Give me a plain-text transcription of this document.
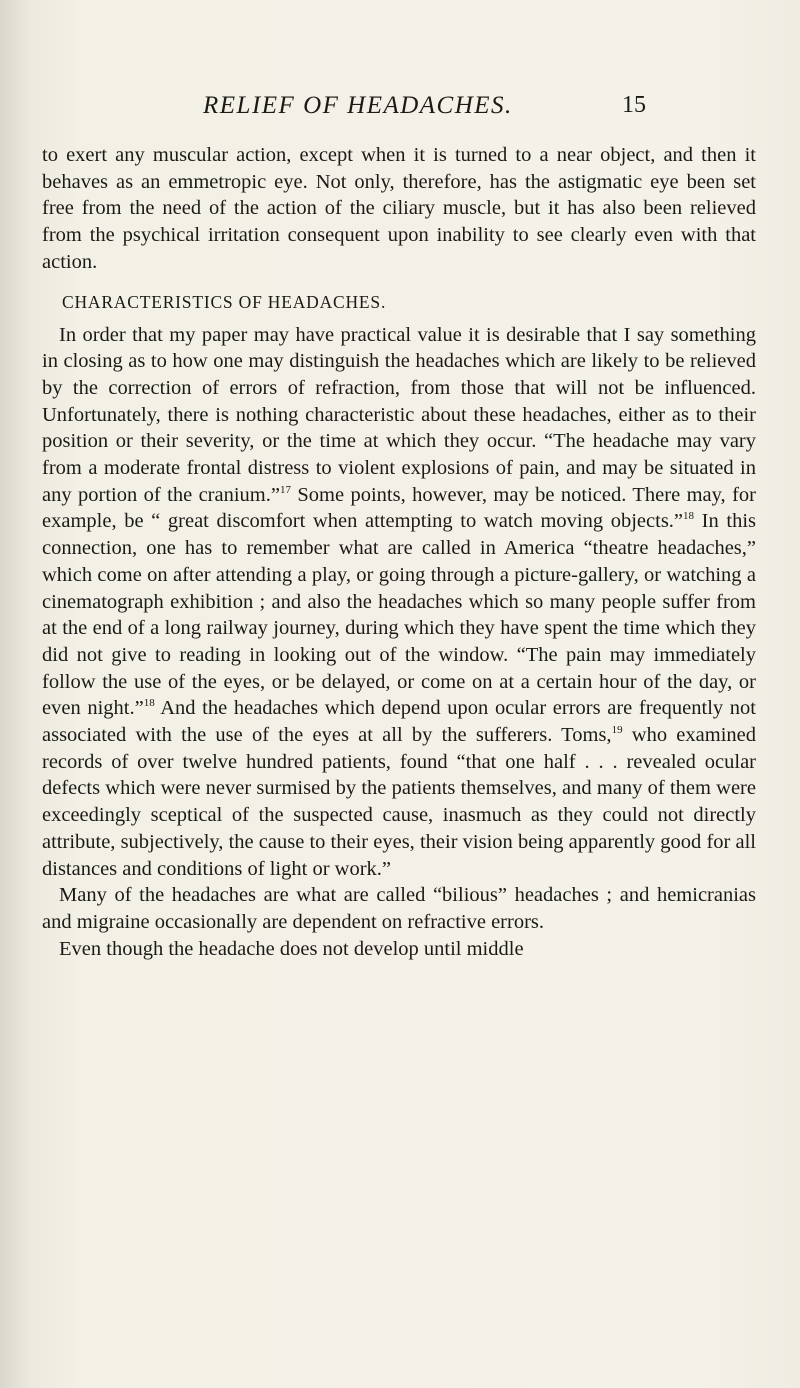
RELIEF OF HEADACHES.	15

to exert any muscular action, except when it is turned to a near object, and then it behaves as an emmetropic eye. Not only, therefore, has the astigmatic eye been set free from the need of the action of the ciliary muscle, but it has also been relieved from the psychical irritation consequent upon inability to see clearly even with that action.

CHARACTERISTICS OF HEADACHES.

In order that my paper may have practical value it is desirable that I say something in closing as to how one may distinguish the headaches which are likely to be relieved by the correction of errors of refraction, from those that will not be influenced. Unfortunately, there is nothing characteristic about these headaches, either as to their position or their severity, or the time at which they occur. “The headache may vary from a moderate frontal distress to violent explosions of pain, and may be situated in any portion of the cranium.”$^{17}$ Some points, however, may be noticed. There may, for example, be “ great discomfort when attempting to watch moving objects.”$^{18}$ In this connection, one has to remember what are called in America “theatre headaches,” which come on after attending a play, or going through a picture-gallery, or watching a cinematograph exhibition ; and also the headaches which so many people suffer from at the end of a long railway journey, during which they have spent the time which they did not give to reading in looking out of the window. “The pain may immediately follow the use of the eyes, or be delayed, or come on at a certain hour of the day, or even night.”$^{18}$ And the headaches which depend upon ocular errors are frequently not associated with the use of the eyes at all by the sufferers. Toms,$^{19}$ who examined records of over twelve hundred patients, found “that one half . . . revealed ocular defects which were never surmised by the patients themselves, and many of them were exceedingly sceptical of the suspected cause, inasmuch as they could not directly attribute, subjectively, the cause to their eyes, their vision being apparently good for all distances and conditions of light or work.”

Many of the headaches are what are called “bilious” headaches ; and hemicranias and migraine occasionally are dependent on refractive errors.

Even though the headache does not develop until middle
